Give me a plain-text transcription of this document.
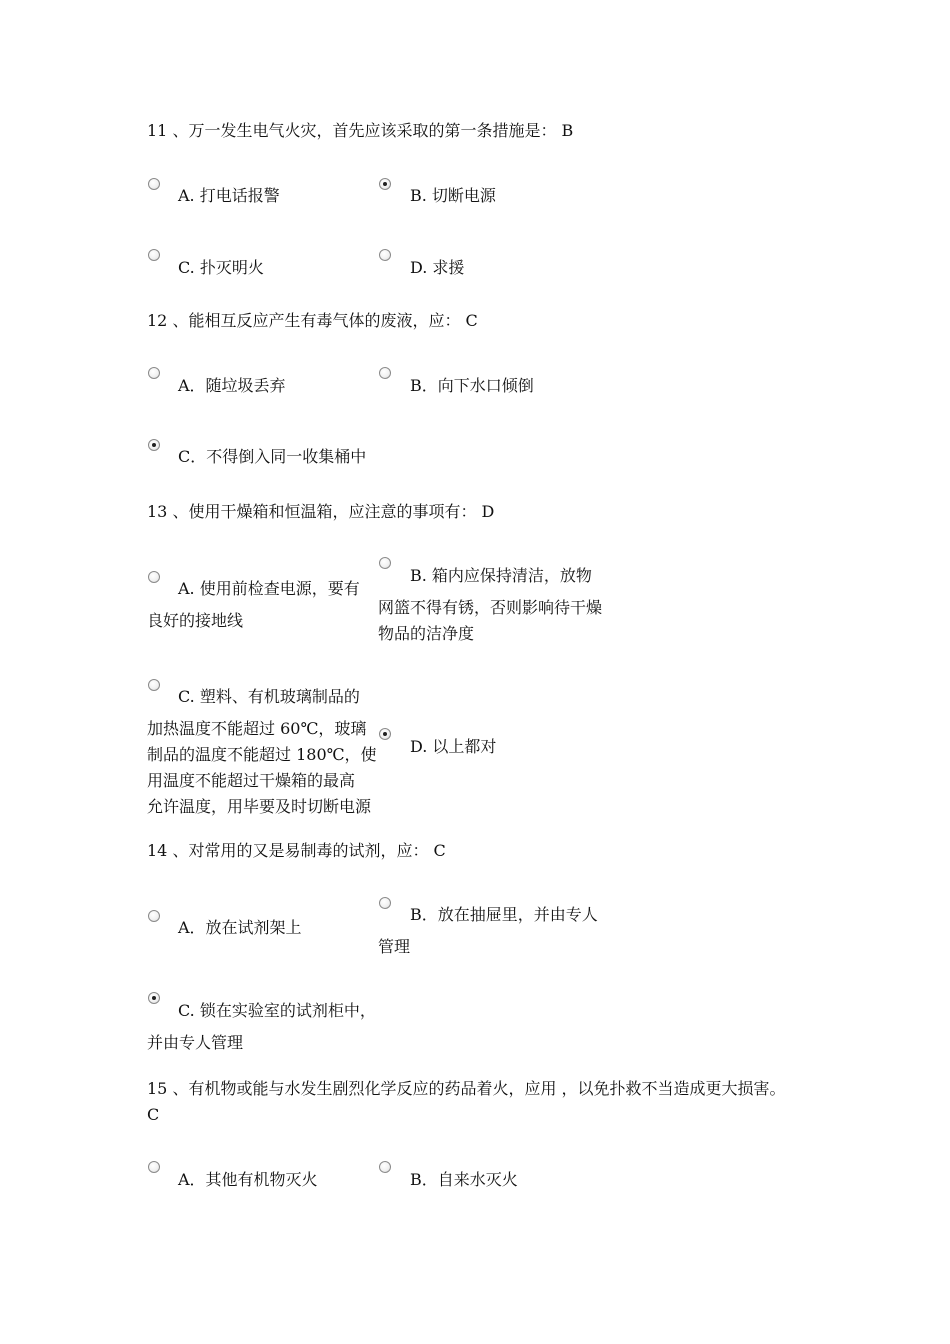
11 、万一发生电气火灾，首先应该采取的第一条措施是： B
A. 打电话报警	B. 切断电源
C. 扑灭明火	D. 求援
12 、能相互反应产生有毒气体的废液，应： C
A．随垃圾丢弃	B．向下水口倾倒
C．不得倒入同一收集桶中
13 、使用干燥箱和恒温箱，应注意的事项有： D
A. 使用前检查电源，要有
良好的接地线
B. 箱内应保持清洁，放物
网篮不得有锈，否则影响待干燥
物品的洁净度
C. 塑料、有机玻璃制品的
加热温度不能超过 60℃，玻璃
制品的温度不能超过 180℃，使
用温度不能超过干燥箱的最高
允许温度，用毕要及时切断电源
D. 以上都对
14 、对常用的又是易制毒的试剂，应： C
A．放在试剂架上
B．放在抽屉里，并由专人
管理
C. 锁在实验室的试剂柜中，
并由专人管理
15 、有机物或能与水发生剧烈化学反应的药品着火，应用 ，以免扑救不当造成更大损害。
C
A．其他有机物灭火	B．自来水灭火
